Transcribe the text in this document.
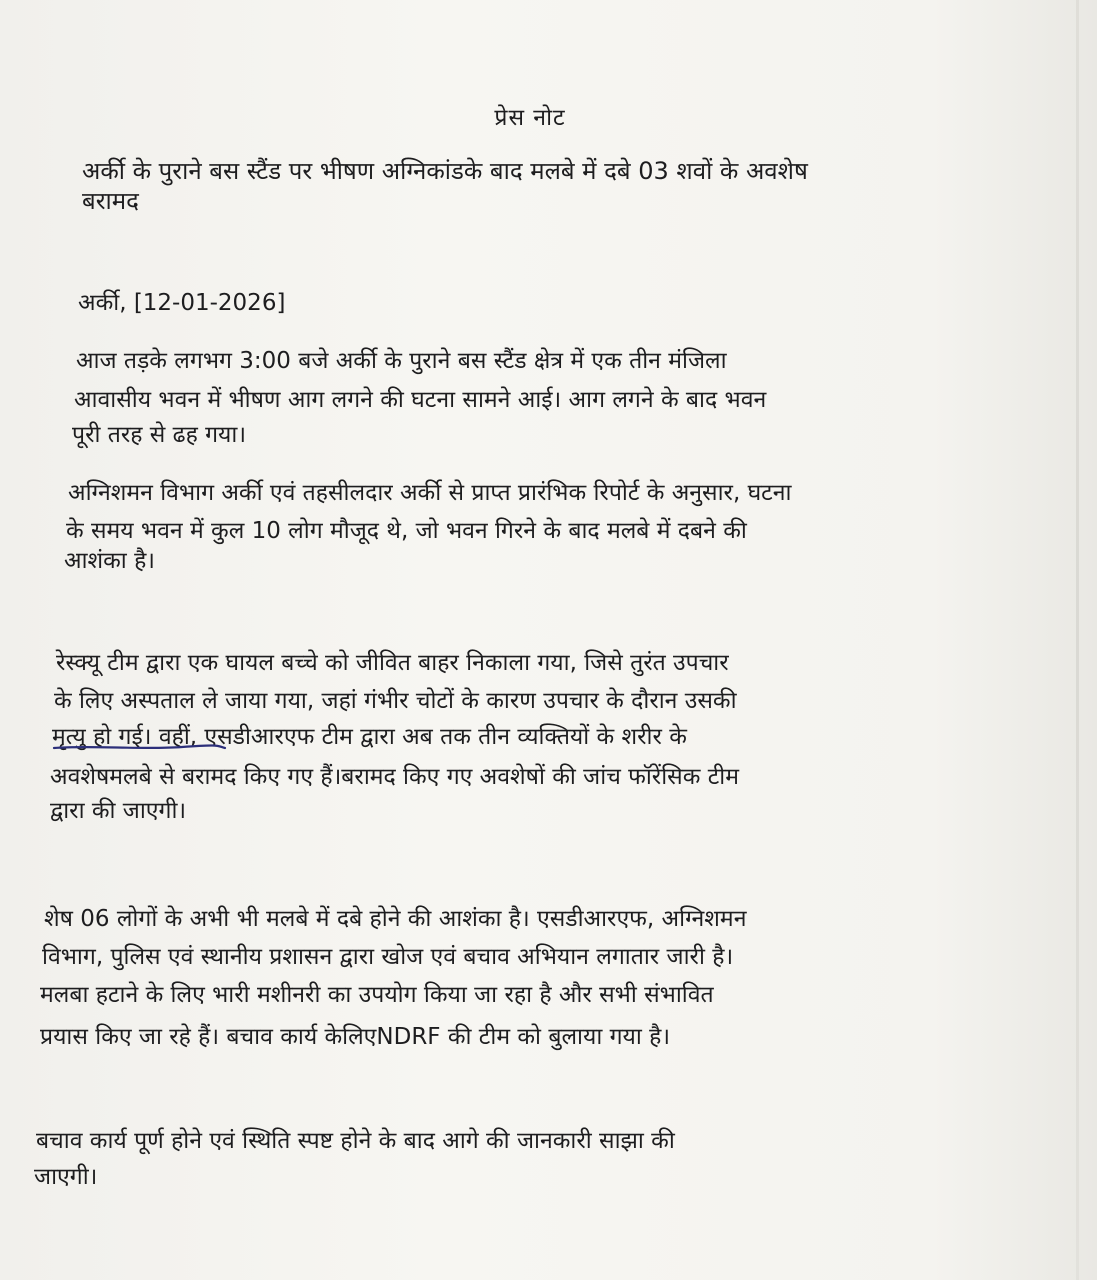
प्रेस नोट
अर्की के पुराने बस स्टैंड पर भीषण अग्निकांडके बाद मलबे में दबे 03 शवों के अवशेष
बरामद
अर्की, [12-01-2026]
आज तड़के लगभग 3:00 बजे अर्की के पुराने बस स्टैंड क्षेत्र में एक तीन मंजिला
आवासीय भवन में भीषण आग लगने की घटना सामने आई। आग लगने के बाद भवन
पूरी तरह से ढह गया।
अग्निशमन विभाग अर्की एवं तहसीलदार अर्की से प्राप्त प्रारंभिक रिपोर्ट के अनुसार, घटना
के समय भवन में कुल 10 लोग मौजूद थे, जो भवन गिरने के बाद मलबे में दबने की
आशंका है।
रेस्क्यू टीम द्वारा एक घायल बच्चे को जीवित बाहर निकाला गया, जिसे तुरंत उपचार
के लिए अस्पताल ले जाया गया, जहां गंभीर चोटों के कारण उपचार के दौरान उसकी
मृत्यु हो गई। वहीं, एसडीआरएफ टीम द्वारा अब तक तीन व्यक्तियों के शरीर के
अवशेषमलबे से बरामद किए गए हैं।बरामद किए गए अवशेषों की जांच फॉरेंसिक टीम
द्वारा की जाएगी।
शेष 06 लोगों के अभी भी मलबे में दबे होने की आशंका है। एसडीआरएफ, अग्निशमन
विभाग, पुलिस एवं स्थानीय प्रशासन द्वारा खोज एवं बचाव अभियान लगातार जारी है।
मलबा हटाने के लिए भारी मशीनरी का उपयोग किया जा रहा है और सभी संभावित
प्रयास किए जा रहे हैं। बचाव कार्य केलिएNDRF की टीम को बुलाया गया है।
बचाव कार्य पूर्ण होने एवं स्थिति स्पष्ट होने के बाद आगे की जानकारी साझा की
जाएगी।
